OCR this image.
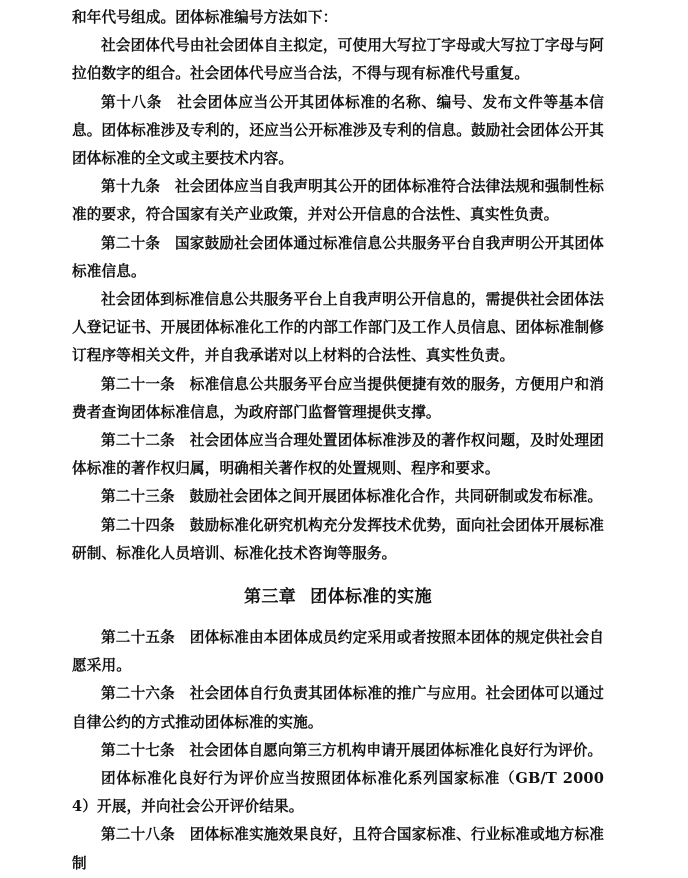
和年代号组成。团体标准编号方法如下：

社会团体代号由社会团体自主拟定，可使用大写拉丁字母或大写拉丁字母与阿拉伯数字的组合。社会团体代号应当合法，不得与现有标准代号重复。

第十八条　社会团体应当公开其团体标准的名称、编号、发布文件等基本信息。团体标准涉及专利的，还应当公开标准涉及专利的信息。鼓励社会团体公开其团体标准的全文或主要技术内容。

第十九条　社会团体应当自我声明其公开的团体标准符合法律法规和强制性标准的要求，符合国家有关产业政策，并对公开信息的合法性、真实性负责。

第二十条　国家鼓励社会团体通过标准信息公共服务平台自我声明公开其团体标准信息。

社会团体到标准信息公共服务平台上自我声明公开信息的，需提供社会团体法人登记证书、开展团体标准化工作的内部工作部门及工作人员信息、团体标准制修订程序等相关文件，并自我承诺对以上材料的合法性、真实性负责。

第二十一条　标准信息公共服务平台应当提供便捷有效的服务，方便用户和消费者查询团体标准信息，为政府部门监督管理提供支撑。

第二十二条　社会团体应当合理处置团体标准涉及的著作权问题，及时处理团体标准的著作权归属，明确相关著作权的处置规则、程序和要求。

第二十三条　鼓励社会团体之间开展团体标准化合作，共同研制或发布标准。

第二十四条　鼓励标准化研究机构充分发挥技术优势，面向社会团体开展标准研制、标准化人员培训、标准化技术咨询等服务。

第三章 团体标准的实施

第二十五条　团体标准由本团体成员约定采用或者按照本团体的规定供社会自愿采用。

第二十六条　社会团体自行负责其团体标准的推广与应用。社会团体可以通过自律公约的方式推动团体标准的实施。

第二十七条　社会团体自愿向第三方机构申请开展团体标准化良好行为评价。

团体标准化良好行为评价应当按照团体标准化系列国家标准（GB/T 20004）开展，并向社会公开评价结果。

第二十八条　团体标准实施效果良好，且符合国家标准、行业标准或地方标准制
